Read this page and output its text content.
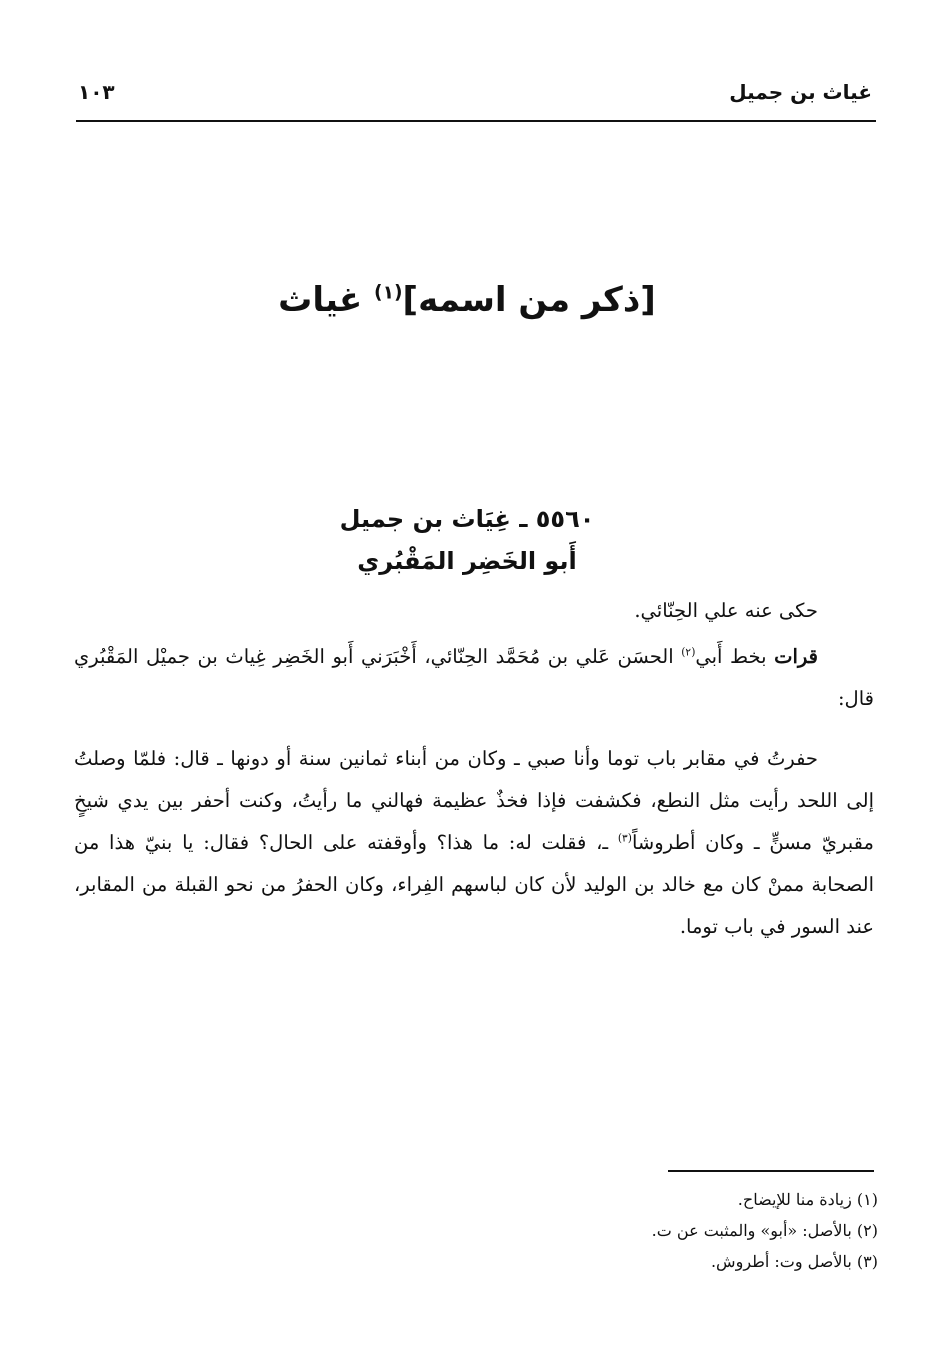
غياث بن جميل
١٠٣
[ذكر من اسمه]$^{(١)}$ غياث
٥٥٦٠ ـ غِيَاث بن جميل
أَبو الخَضِر المَقْبُري

حكى عنه علي الحِنّائي.

قرات بخط أَبي$^{(٢)}$ الحسَن عَلي بن مُحَمَّد الحِنّائي، أَخْبَرَني أَبو الخَضِر غِياث بن جميْل المَقْبُري قال:

حفرتُ في مقابر باب توما وأنا صبي ـ وكان من أبناء ثمانين سنة أو دونها ـ قال: فلمّا وصلتُ إلى اللحد رأيت مثل النطع، فكشفت فإذا فخذٌ عظيمة فهالني ما رأيتُ، وكنت أحفر بين يدي شيخٍ مقبريّ مسنٍّ ـ وكان أطروشاً$^{(٣)}$ ـ، فقلت له: ما هذا؟ وأوقفته على الحال؟ فقال: يا بنيّ هذا من الصحابة ممنْ كان مع خالد بن الوليد لأن كان لباسهم الفِراء، وكان الحفرُ من نحو القبلة من المقابر، عند السور في باب توما.

(١) زيادة منا للإيضاح.
(٢) بالأصل: «أبو» والمثبت عن ت.
(٣) بالأصل وت: أطروش.
